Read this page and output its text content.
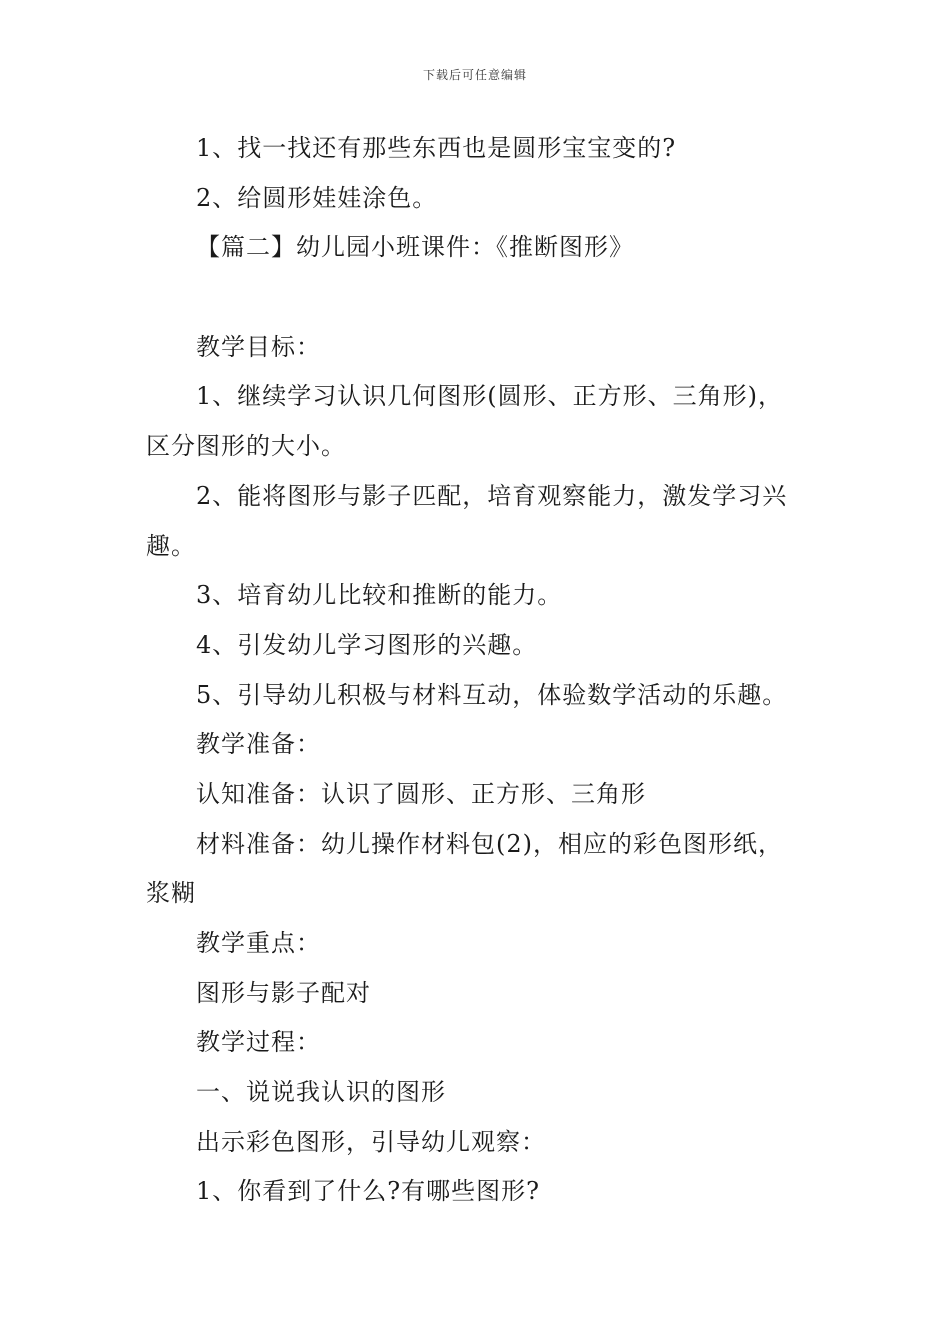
下载后可任意编辑
1、找一找还有那些东西也是圆形宝宝变的?
2、给圆形娃娃涂色。
【篇二】幼儿园小班课件：《推断图形》
教学目标：
1、继续学习认识几何图形(圆形、正方形、三角形)，
区分图形的大小。
2、能将图形与影子匹配，培育观察能力，激发学习兴
趣。
3、培育幼儿比较和推断的能力。
4、引发幼儿学习图形的兴趣。
5、引导幼儿积极与材料互动，体验数学活动的乐趣。
教学准备：
认知准备：认识了圆形、正方形、三角形
材料准备：幼儿操作材料包(2)，相应的彩色图形纸，
浆糊
教学重点：
图形与影子配对
教学过程：
一、说说我认识的图形
出示彩色图形，引导幼儿观察：
1、你看到了什么?有哪些图形?
